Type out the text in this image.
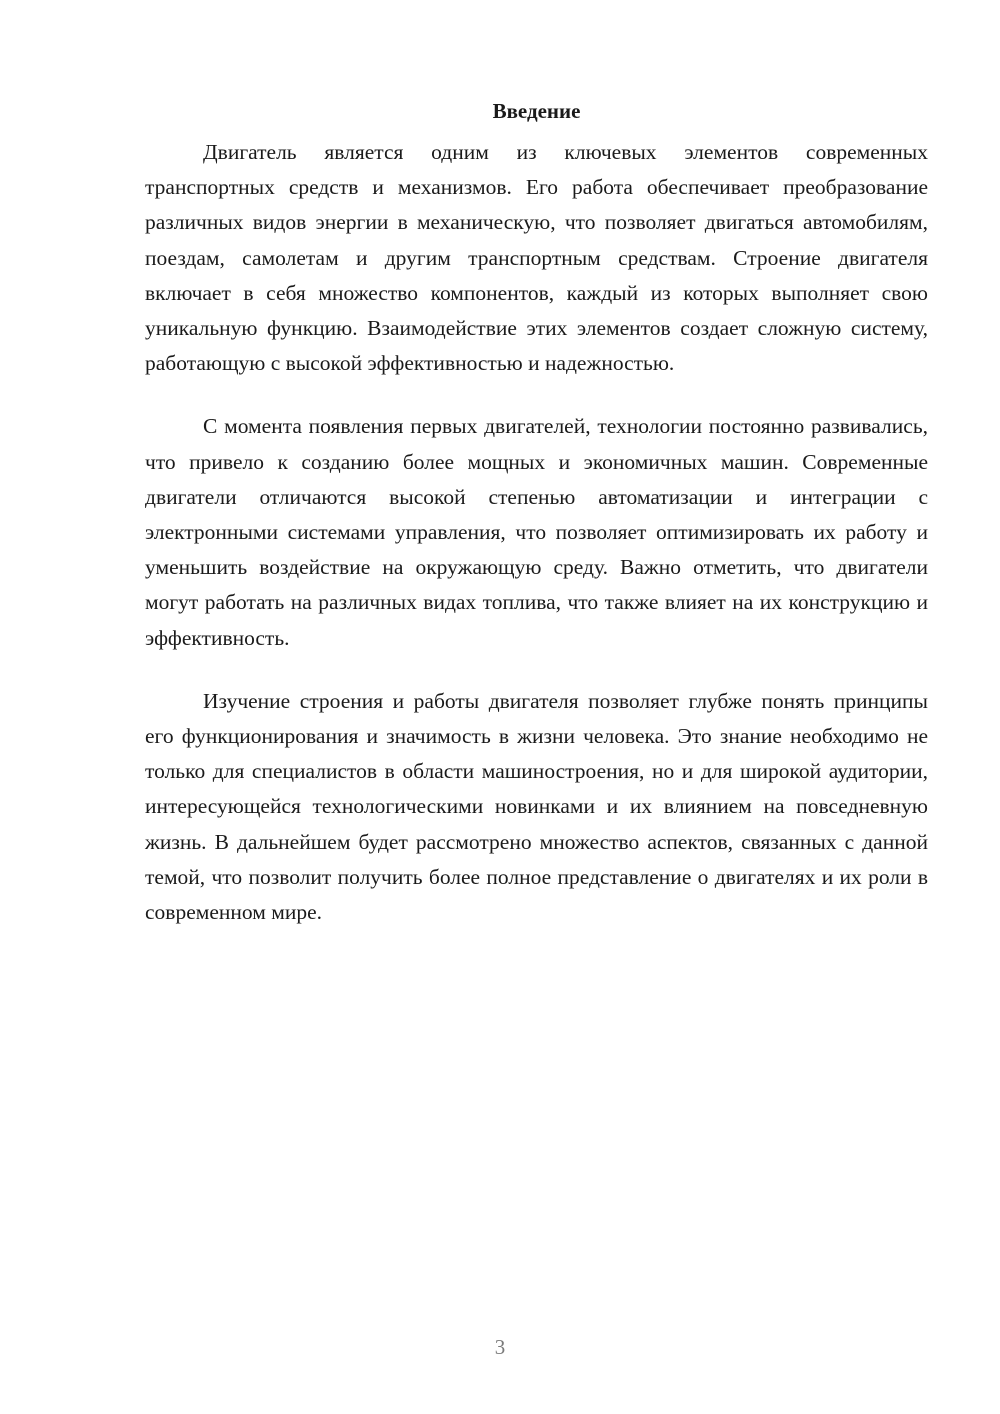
Введение

Двигатель является одним из ключевых элементов современных транспортных средств и механизмов. Его работа обеспечивает преобразование различных видов энергии в механическую, что позволяет двигаться автомобилям, поездам, самолетам и другим транспортным средствам. Строение двигателя включает в себя множество компонентов, каждый из которых выполняет свою уникальную функцию. Взаимодействие этих элементов создает сложную систему, работающую с высокой эффективностью и надежностью.

С момента появления первых двигателей, технологии постоянно развивались, что привело к созданию более мощных и экономичных машин. Современные двигатели отличаются высокой степенью автоматизации и интеграции с электронными системами управления, что позволяет оптимизировать их работу и уменьшить воздействие на окружающую среду. Важно отметить, что двигатели могут работать на различных видах топлива, что также влияет на их конструкцию и эффективность.

Изучение строения и работы двигателя позволяет глубже понять принципы его функционирования и значимость в жизни человека. Это знание необходимо не только для специалистов в области машиностроения, но и для широкой аудитории, интересующейся технологическими новинками и их влиянием на повседневную жизнь. В дальнейшем будет рассмотрено множество аспектов, связанных с данной темой, что позволит получить более полное представление о двигателях и их роли в современном мире.

3
